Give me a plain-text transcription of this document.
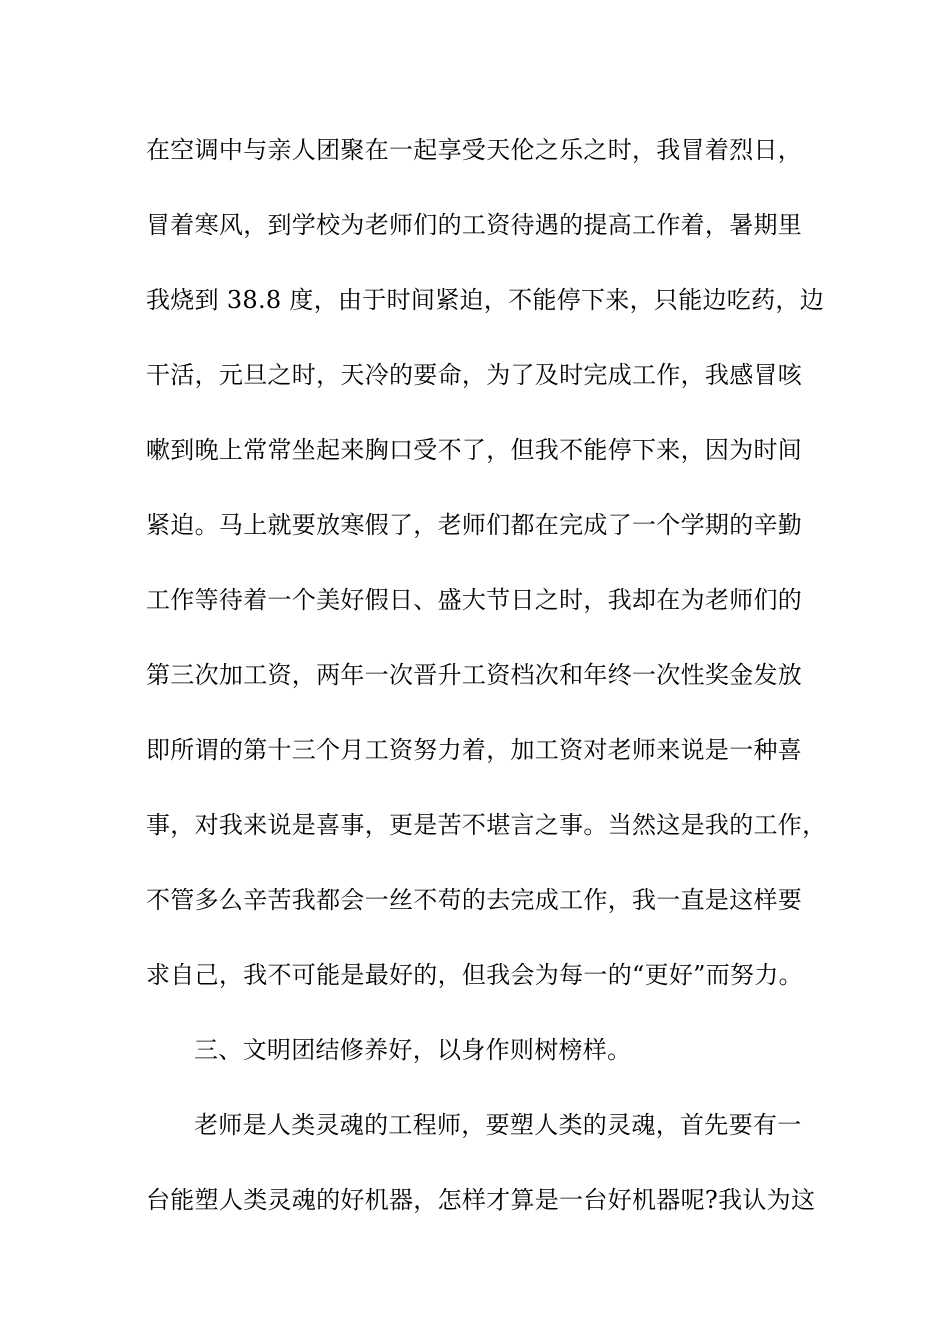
在空调中与亲人团聚在一起享受天伦之乐之时，我冒着烈日，
冒着寒风，到学校为老师们的工资待遇的提高工作着，暑期里
我烧到 38.8 度，由于时间紧迫，不能停下来，只能边吃药，边
干活，元旦之时，天冷的要命，为了及时完成工作，我感冒咳
嗽到晚上常常坐起来胸口受不了，但我不能停下来，因为时间
紧迫。马上就要放寒假了，老师们都在完成了一个学期的辛勤
工作等待着一个美好假日、盛大节日之时，我却在为老师们的
第三次加工资，两年一次晋升工资档次和年终一次性奖金发放
即所谓的第十三个月工资努力着，加工资对老师来说是一种喜
事，对我来说是喜事，更是苦不堪言之事。当然这是我的工作，
不管多么辛苦我都会一丝不苟的去完成工作，我一直是这样要
求自己，我不可能是最好的，但我会为每一的“更好”而努力。
三、文明团结修养好，以身作则树榜样。
老师是人类灵魂的工程师，要塑人类的灵魂，首先要有一
台能塑人类灵魂的好机器，怎样才算是一台好机器呢?我认为这
